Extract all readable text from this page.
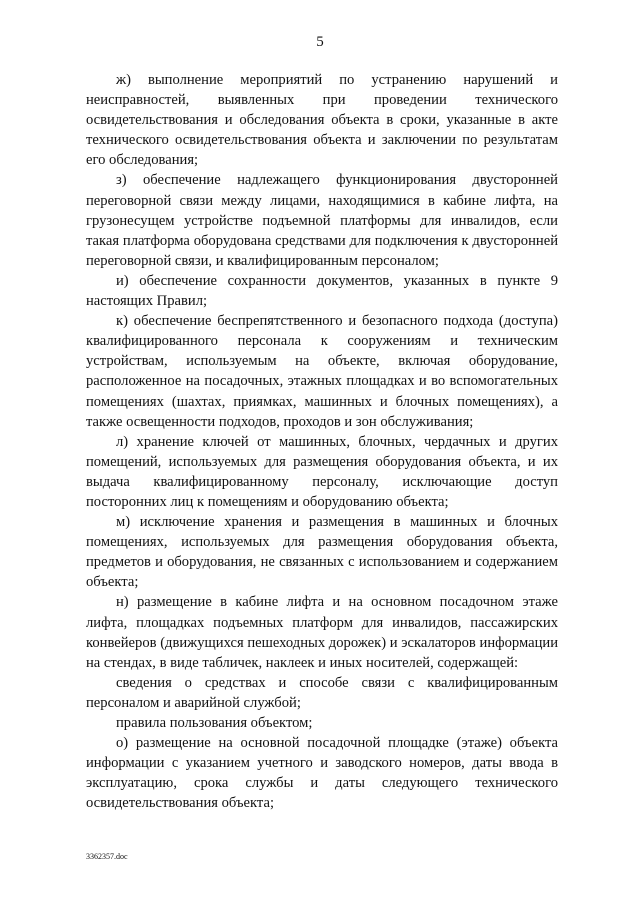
5

ж) выполнение мероприятий по устранению нарушений и неисправностей, выявленных при проведении технического освидетельствования и обследования объекта в сроки, указанные в акте технического освидетельствования объекта и заключении по результатам его обследования;

з) обеспечение надлежащего функционирования двусторонней переговорной связи между лицами, находящимися в кабине лифта, на грузонесущем устройстве подъемной платформы для инвалидов, если такая платформа оборудована средствами для подключения к двусторонней переговорной связи, и квалифицированным персоналом;

и) обеспечение сохранности документов, указанных в пункте 9 настоящих Правил;

к) обеспечение беспрепятственного и безопасного подхода (доступа) квалифицированного персонала к сооружениям и техническим устройствам, используемым на объекте, включая оборудование, расположенное на посадочных, этажных площадках и во вспомогательных помещениях (шахтах, приямках, машинных и блочных помещениях), а также освещенности подходов, проходов и зон обслуживания;

л) хранение ключей от машинных, блочных, чердачных и других помещений, используемых для размещения оборудования объекта, и их выдача квалифицированному персоналу, исключающие доступ посторонних лиц к помещениям и оборудованию объекта;

м) исключение хранения и размещения в машинных и блочных помещениях, используемых для размещения оборудования объекта, предметов и оборудования, не связанных с использованием и содержанием объекта;

н) размещение в кабине лифта и на основном посадочном этаже лифта, площадках подъемных платформ для инвалидов, пассажирских конвейеров (движущихся пешеходных дорожек) и эскалаторов информации на стендах, в виде табличек, наклеек и иных носителей, содержащей:

сведения о средствах и способе связи с квалифицированным персоналом и аварийной службой;

правила пользования объектом;

о) размещение на основной посадочной площадке (этаже) объекта информации с указанием учетного и заводского номеров, даты ввода в эксплуатацию, срока службы и даты следующего технического освидетельствования объекта;

3362357.doc
